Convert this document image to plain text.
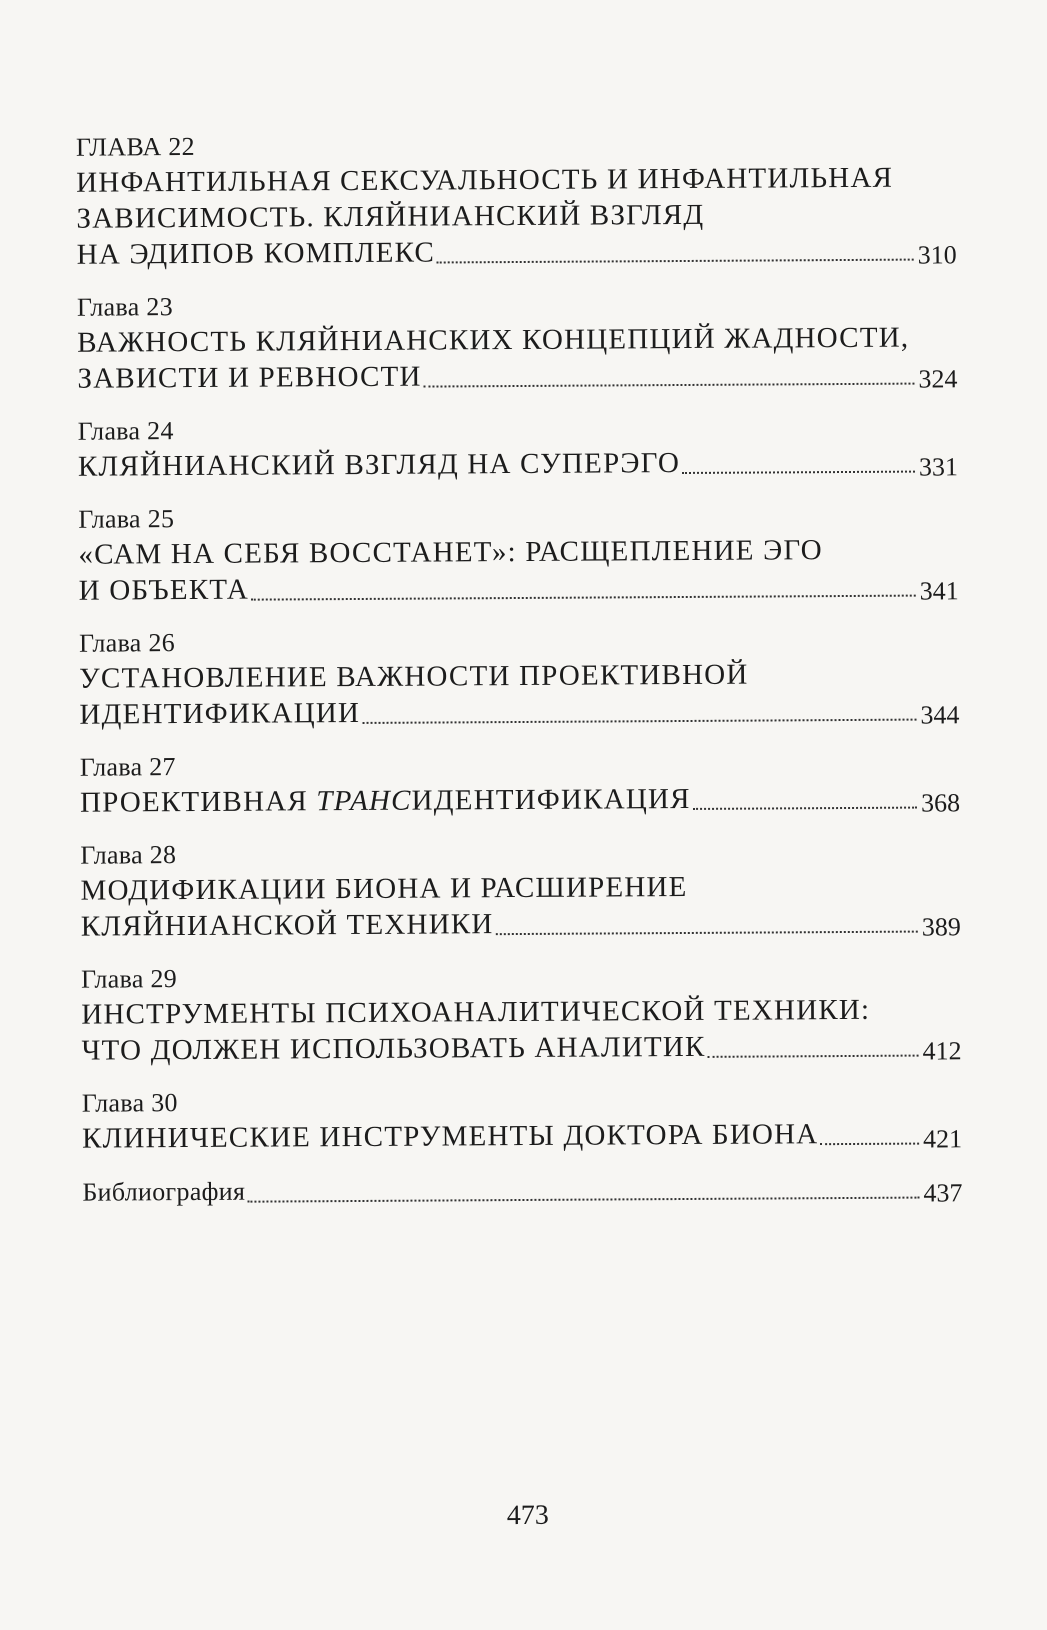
ГЛАВА 22
ИНФАНТИЛЬНАЯ СЕКСУАЛЬНОСТЬ И ИНФАНТИЛЬНАЯ
ЗАВИСИМОСТЬ. КЛЯЙНИАНСКИЙ ВЗГЛЯД
НА ЭДИПОВ КОМПЛЕКС	310
Глава 23
ВАЖНОСТЬ КЛЯЙНИАНСКИХ КОНЦЕПЦИЙ ЖАДНОСТИ,
ЗАВИСТИ И РЕВНОСТИ	324
Глава 24
КЛЯЙНИАНСКИЙ ВЗГЛЯД НА СУПЕРЭГО	331
Глава 25
«САМ НА СЕБЯ ВОССТАНЕТ»: РАСЩЕПЛЕНИЕ ЭГО
И ОБЪЕКТА	341
Глава 26
УСТАНОВЛЕНИЕ ВАЖНОСТИ ПРОЕКТИВНОЙ
ИДЕНТИФИКАЦИИ	344
Глава 27
ПРОЕКТИВНАЯ ТРАНСИДЕНТИФИКАЦИЯ	368
Глава 28
МОДИФИКАЦИИ БИОНА И РАСШИРЕНИЕ
КЛЯЙНИАНСКОЙ ТЕХНИКИ	389
Глава 29
ИНСТРУМЕНТЫ ПСИХОАНАЛИТИЧЕСКОЙ ТЕХНИКИ:
ЧТО ДОЛЖЕН ИСПОЛЬЗОВАТЬ АНАЛИТИК	412
Глава 30
КЛИНИЧЕСКИЕ ИНСТРУМЕНТЫ ДОКТОРА БИОНА	421
Библиография	437
473
